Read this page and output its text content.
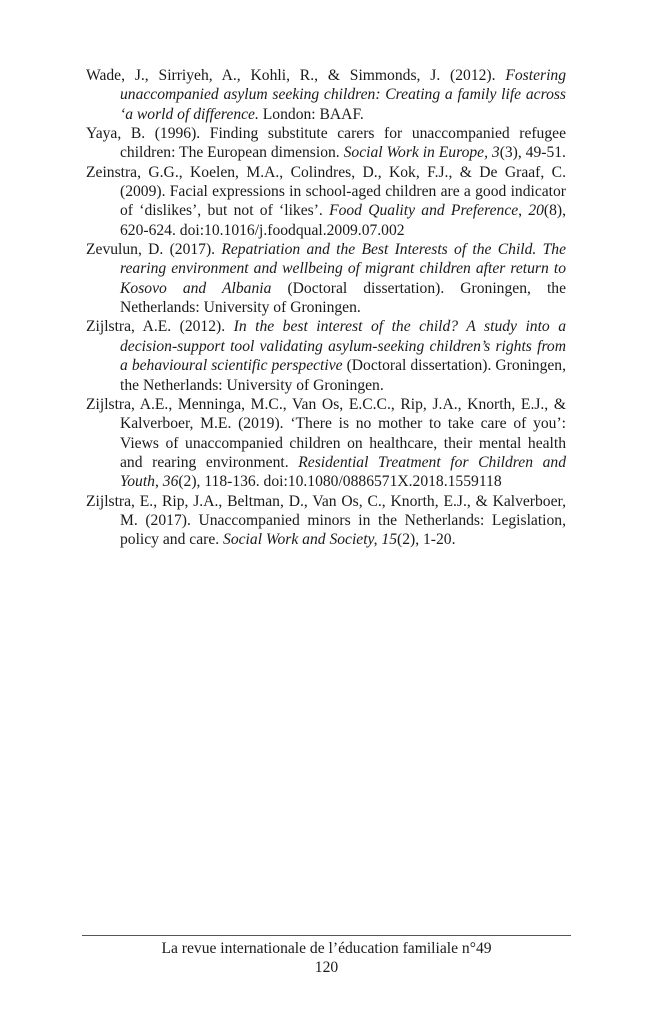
Wade, J., Sirriyeh, A., Kohli, R., & Simmonds, J. (2012). Fostering unaccompanied asylum seeking children: Creating a family life across ‘a world of difference. London: BAAF.

Yaya, B. (1996). Finding substitute carers for unaccompanied refugee children: The European dimension. Social Work in Europe, 3(3), 49-51.

Zeinstra, G.G., Koelen, M.A., Colindres, D., Kok, F.J., & De Graaf, C. (2009). Facial expressions in school-aged children are a good indicator of ‘dislikes’, but not of ‘likes’. Food Quality and Preference, 20(8), 620-624. doi:10.1016/j.foodqual.2009.07.002

Zevulun, D. (2017). Repatriation and the Best Interests of the Child. The rearing environment and wellbeing of migrant children after return to Kosovo and Albania (Doctoral dissertation). Groningen, the Netherlands: University of Groningen.

Zijlstra, A.E. (2012). In the best interest of the child? A study into a decision-support tool validating asylum-seeking children’s rights from a behavioural scientific perspective (Doctoral dissertation). Groningen, the Netherlands: University of Groningen.

Zijlstra, A.E., Menninga, M.C., Van Os, E.C.C., Rip, J.A., Knorth, E.J., & Kalverboer, M.E. (2019). ‘There is no mother to take care of you’: Views of unaccompanied children on healthcare, their mental health and rearing environment. Residential Treatment for Children and Youth, 36(2), 118-136. doi:10.1080/0886571X.2018.1559118

Zijlstra, E., Rip, J.A., Beltman, D., Van Os, C., Knorth, E.J., & Kalverboer, M. (2017). Unaccompanied minors in the Netherlands: Legislation, policy and care. Social Work and Society, 15(2), 1-20.

La revue internationale de l’éducation familiale n°49
120
